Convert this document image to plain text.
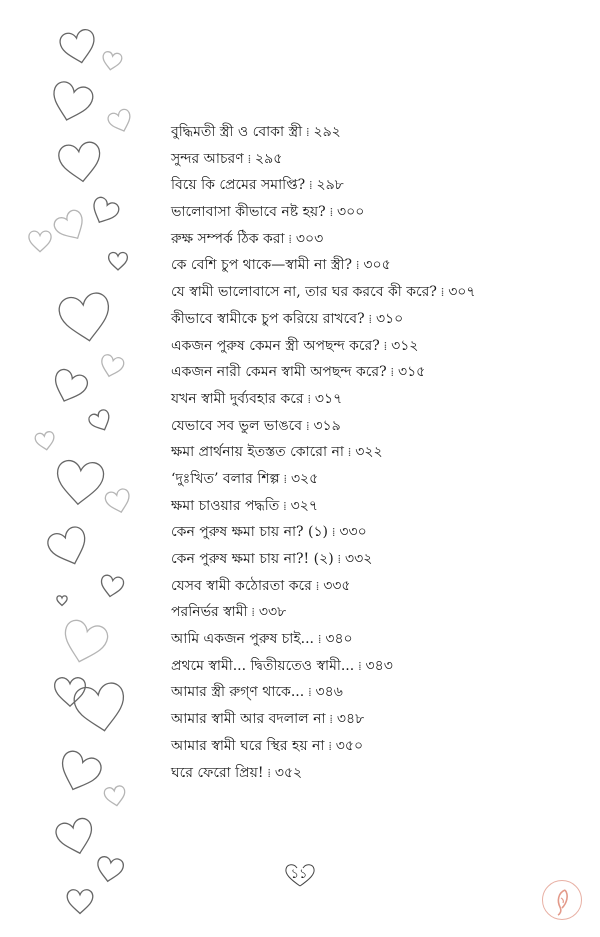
বুদ্ধিমতী স্ত্রী ও বোকা স্ত্রী ⁞ ২৯২
সুন্দর আচরণ ⁞ ২৯৫
বিয়ে কি প্রেমের সমাপ্তি? ⁞ ২৯৮
ভালোবাসা কীভাবে নষ্ট হয়? ⁞ ৩০০
রুক্ষ সম্পর্ক ঠিক করা ⁞ ৩০৩
কে বেশি চুপ থাকে—স্বামী না স্ত্রী? ⁞ ৩০৫
যে স্বামী ভালোবাসে না, তার ঘর করবে কী করে? ⁞ ৩০৭
কীভাবে স্বামীকে চুপ করিয়ে রাখবে? ⁞ ৩১০
একজন পুরুষ কেমন স্ত্রী অপছন্দ করে? ⁞ ৩১২
একজন নারী কেমন স্বামী অপছন্দ করে? ⁞ ৩১৫
যখন স্বামী দুর্ব্যবহার করে ⁞ ৩১৭
যেভাবে সব ভুল ভাঙবে ⁞ ৩১৯
ক্ষমা প্রার্থনায় ইতস্তত কোরো না ⁞ ৩২২
‘দুঃখিত’ বলার শিল্প ⁞ ৩২৫
ক্ষমা চাওয়ার পদ্ধতি ⁞ ৩২৭
কেন পুরুষ ক্ষমা চায় না? (১) ⁞ ৩৩০
কেন পুরুষ ক্ষমা চায় না?! (২) ⁞ ৩৩২
যেসব স্বামী কঠোরতা করে ⁞ ৩৩৫
পরনির্ভর স্বামী ⁞ ৩৩৮
আমি একজন পুরুষ চাই... ⁞ ৩৪০
প্রথমে স্বামী... দ্বিতীয়তেও স্বামী... ⁞ ৩৪৩
আমার স্ত্রী রুগ্‌ণ থাকে... ⁞ ৩৪৬
আমার স্বামী আর বদলাল না ⁞ ৩৪৮
আমার স্বামী ঘরে স্থির হয় না ⁞ ৩৫০
ঘরে ফেরো প্রিয়! ⁞ ৩৫২
১১
